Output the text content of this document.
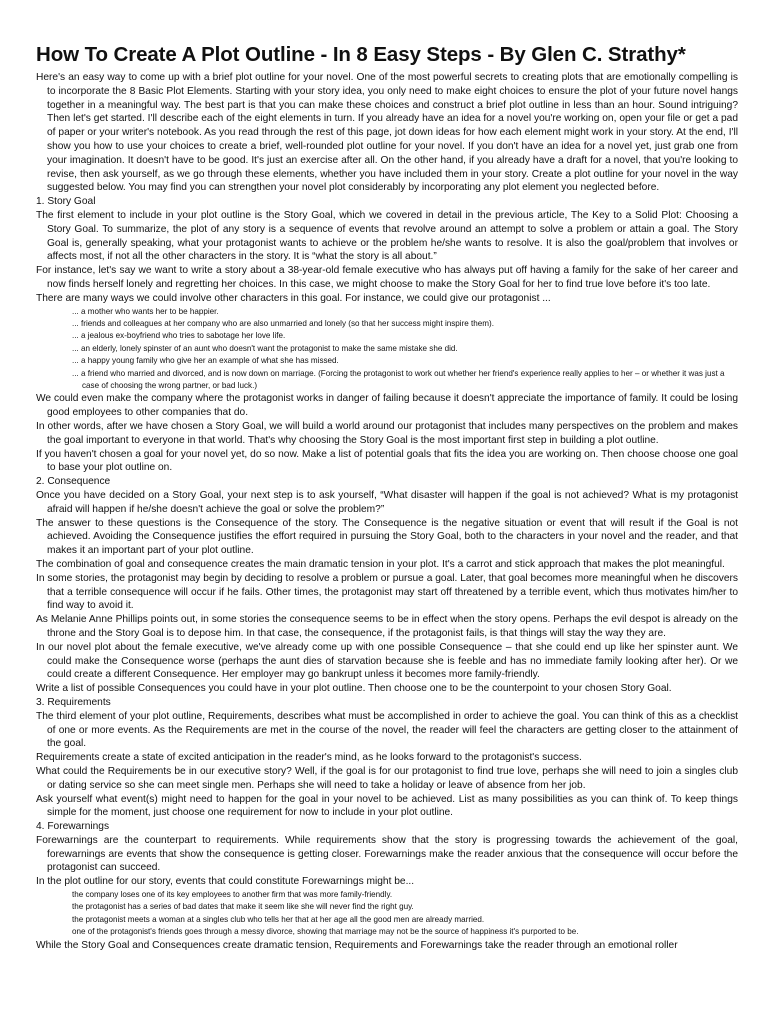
How To Create A Plot Outline - In 8 Easy Steps - By Glen C. Strathy*

Here's an easy way to come up with a brief plot outline for your novel. One of the most powerful secrets to creating plots that are emotionally compelling is to incorporate the 8 Basic Plot Elements. Starting with your story idea, you only need to make eight choices to ensure the plot of your future novel hangs together in a meaningful way. The best part is that you can make these choices and construct a brief plot outline in less than an hour. Sound intriguing? Then let's get started. I'll describe each of the eight elements in turn. If you already have an idea for a novel you're working on, open your file or get a pad of paper or your writer's notebook. As you read through the rest of this page, jot down ideas for how each element might work in your story. At the end, I'll show you how to use your choices to create a brief, well-rounded plot outline for your novel. If you don't have an idea for a novel yet, just grab one from your imagination. It doesn't have to be good. It's just an exercise after all. On the other hand, if you already have a draft for a novel, that you're looking to revise, then ask yourself, as we go through these elements, whether you have included them in your story. Create a plot outline for your novel in the way suggested below. You may find you can strengthen your novel plot considerably by incorporating any plot element you neglected before.

1. Story Goal

The first element to include in your plot outline is the Story Goal, which we covered in detail in the previous article, The Key to a Solid Plot: Choosing a Story Goal. To summarize, the plot of any story is a sequence of events that revolve around an attempt to solve a problem or attain a goal. The Story Goal is, generally speaking, what your protagonist wants to achieve or the problem he/she wants to resolve. It is also the goal/problem that involves or affects most, if not all the other characters in the story. It is “what the story is all about.”

For instance, let's say we want to write a story about a 38-year-old female executive who has always put off having a family for the sake of her career and now finds herself lonely and regretting her choices. In this case, we might choose to make the Story Goal for her to find true love before it's too late.

There are many ways we could involve other characters in this goal. For instance, we could give our protagonist ...

... a mother who wants her to be happier.

... friends and colleagues at her company who are also unmarried and lonely (so that her success might inspire them).

... a jealous ex-boyfriend who tries to sabotage her love life.

... an elderly, lonely spinster of an aunt who doesn't want the protagonist to make the same mistake she did.

... a happy young family who give her an example of what she has missed.

... a friend who married and divorced, and is now down on marriage. (Forcing the protagonist to work out whether her friend's experience really applies to her – or whether it was just a case of choosing the wrong partner, or bad luck.)

We could even make the company where the protagonist works in danger of failing because it doesn't appreciate the importance of family. It could be losing good employees to other companies that do.

In other words, after we have chosen a Story Goal, we will build a world around our protagonist that includes many perspectives on the problem and makes the goal important to everyone in that world. That's why choosing the Story Goal is the most important first step in building a plot outline.

If you haven't chosen a goal for your novel yet, do so now. Make a list of potential goals that fits the idea you are working on. Then choose choose one goal to base your plot outline on.

2. Consequence

Once you have decided on a Story Goal, your next step is to ask yourself, “What disaster will happen if the goal is not achieved? What is my protagonist afraid will happen if he/she doesn't achieve the goal or solve the problem?”

The answer to these questions is the Consequence of the story. The Consequence is the negative situation or event that will result if the Goal is not achieved. Avoiding the Consequence justifies the effort required in pursuing the Story Goal, both to the characters in your novel and the reader, and that makes it an important part of your plot outline.

The combination of goal and consequence creates the main dramatic tension in your plot. It's a carrot and stick approach that makes the plot meaningful.

In some stories, the protagonist may begin by deciding to resolve a problem or pursue a goal. Later, that goal becomes more meaningful when he discovers that a terrible consequence will occur if he fails. Other times, the protagonist may start off threatened by a terrible event, which thus motivates him/her to find way to avoid it.

As Melanie Anne Phillips points out, in some stories the consequence seems to be in effect when the story opens. Perhaps the evil despot is already on the throne and the Story Goal is to depose him. In that case, the consequence, if the protagonist fails, is that things will stay the way they are.

In our novel plot about the female executive, we've already come up with one possible Consequence – that she could end up like her spinster aunt. We could make the Consequence worse (perhaps the aunt dies of starvation because she is feeble and has no immediate family looking after her). Or we could create a different Consequence. Her employer may go bankrupt unless it becomes more family-friendly.

Write a list of possible Consequences you could have in your plot outline. Then choose one to be the counterpoint to your chosen Story Goal.

3. Requirements

The third element of your plot outline, Requirements, describes what must be accomplished in order to achieve the goal. You can think of this as a checklist of one or more events. As the Requirements are met in the course of the novel, the reader will feel the characters are getting closer to the attainment of the goal.

Requirements create a state of excited anticipation in the reader's mind, as he looks forward to the protagonist's success.

What could the Requirements be in our executive story? Well, if the goal is for our protagonist to find true love, perhaps she will need to join a singles club or dating service so she can meet single men. Perhaps she will need to take a holiday or leave of absence from her job.

Ask yourself what event(s) might need to happen for the goal in your novel to be achieved. List as many possibilities as you can think of. To keep things simple for the moment, just choose one requirement for now to include in your plot outline.

4. Forewarnings

Forewarnings are the counterpart to requirements. While requirements show that the story is progressing towards the achievement of the goal, forewarnings are events that show the consequence is getting closer. Forewarnings make the reader anxious that the consequence will occur before the protagonist can succeed.

In the plot outline for our story, events that could constitute Forewarnings might be...

the company loses one of its key employees to another firm that was more family-friendly.

the protagonist has a series of bad dates that make it seem like she will never find the right guy.

the protagonist meets a woman at a singles club who tells her that at her age all the good men are already married.

one of the protagonist's friends goes through a messy divorce, showing that marriage may not be the source of happiness it's purported to be.

While the Story Goal and Consequences create dramatic tension, Requirements and Forewarnings take the reader through an emotional roller
